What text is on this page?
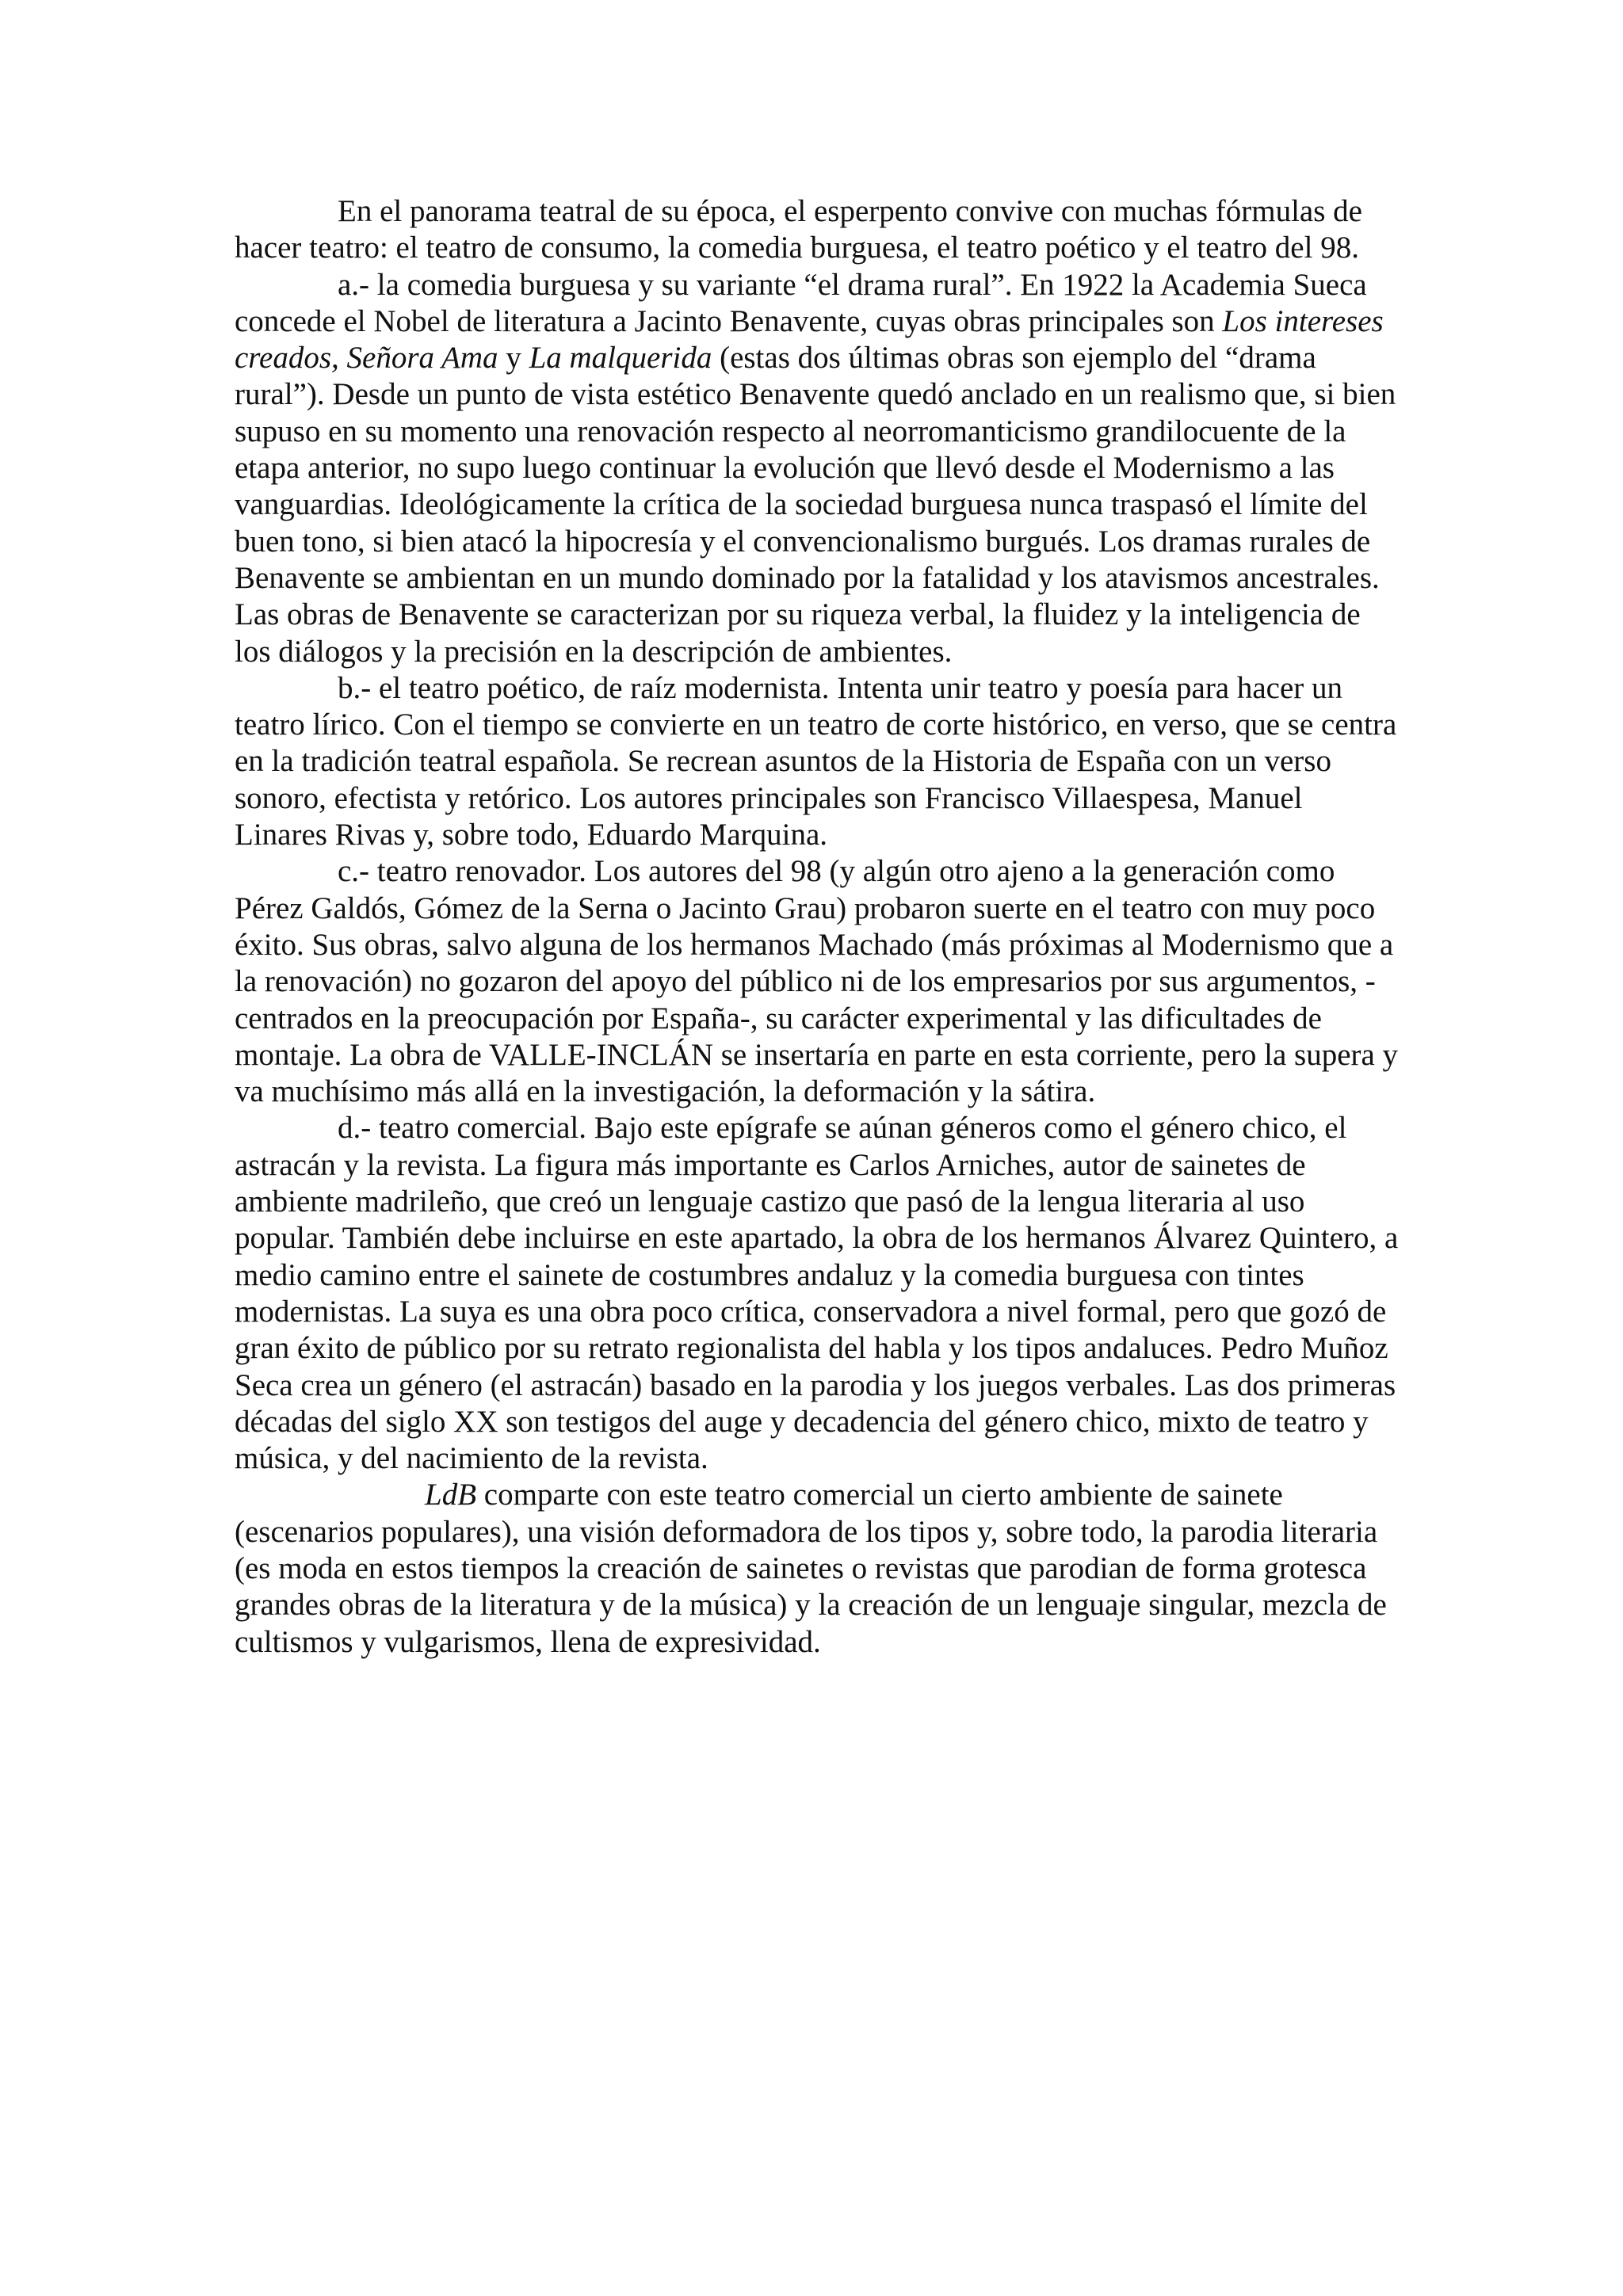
En el panorama teatral de su época, el esperpento convive con muchas fórmulas de hacer teatro: el teatro de consumo, la comedia burguesa, el teatro poético y el teatro del 98.

a.- la comedia burguesa y su variante “el drama rural”. En 1922 la Academia Sueca concede el Nobel de literatura a Jacinto Benavente, cuyas obras principales son Los intereses creados, Señora Ama y La malquerida (estas dos últimas obras son ejemplo del “drama rural”). Desde un punto de vista estético Benavente quedó anclado en un realismo que, si bien supuso en su momento una renovación respecto al neorromanticismo grandilocuente de la etapa anterior, no supo luego continuar la evolución que llevó desde el Modernismo a las vanguardias. Ideológicamente la crítica de la sociedad burguesa nunca traspasó el límite del buen tono, si bien atacó la hipocresía y el convencionalismo burgués. Los dramas rurales de Benavente se ambientan en un mundo dominado por la fatalidad y los atavismos ancestrales. Las obras de Benavente se caracterizan por su riqueza verbal, la fluidez y la inteligencia de los diálogos y la precisión en la descripción de ambientes.

b.- el teatro poético, de raíz modernista. Intenta unir teatro y poesía para hacer un teatro lírico. Con el tiempo se convierte en un teatro de corte histórico, en verso, que se centra en la tradición teatral española. Se recrean asuntos de la Historia de España con un verso sonoro, efectista y retórico. Los autores principales son Francisco Villaespesa, Manuel Linares Rivas y, sobre todo, Eduardo Marquina.

c.- teatro renovador. Los autores del 98 (y algún otro ajeno a la generación como Pérez Galdós, Gómez de la Serna o Jacinto Grau) probaron suerte en el teatro con muy poco éxito. Sus obras, salvo alguna de los hermanos Machado (más próximas al Modernismo que a la renovación) no gozaron del apoyo del público ni de los empresarios por sus argumentos, -centrados en la preocupación por España-, su carácter experimental y las dificultades de montaje. La obra de VALLE-INCLÁN se insertaría en parte en esta corriente, pero la supera y va muchísimo más allá en la investigación, la deformación y la sátira.

d.- teatro comercial. Bajo este epígrafe se aúnan géneros como el género chico, el astracán y la revista. La figura más importante es Carlos Arniches, autor de sainetes de ambiente madrileño, que creó un lenguaje castizo que pasó de la lengua literaria al uso popular. También debe incluirse en este apartado, la obra de los hermanos Álvarez Quintero, a medio camino entre el sainete de costumbres andaluz y la comedia burguesa con tintes modernistas. La suya es una obra poco crítica, conservadora a nivel formal, pero que gozó de gran éxito de público por su retrato regionalista del habla y los tipos andaluces. Pedro Muñoz Seca crea un género (el astracán) basado en la parodia y los juegos verbales. Las dos primeras décadas del siglo XX son testigos del auge y decadencia del género chico, mixto de teatro y música, y del nacimiento de la revista.

LdB comparte con este teatro comercial un cierto ambiente de sainete (escenarios populares), una visión deformadora de los tipos y, sobre todo, la parodia literaria (es moda en estos tiempos la creación de sainetes o revistas que parodian de forma grotesca grandes obras de la literatura y de la música) y la creación de un lenguaje singular, mezcla de cultismos y vulgarismos, llena de expresividad.
